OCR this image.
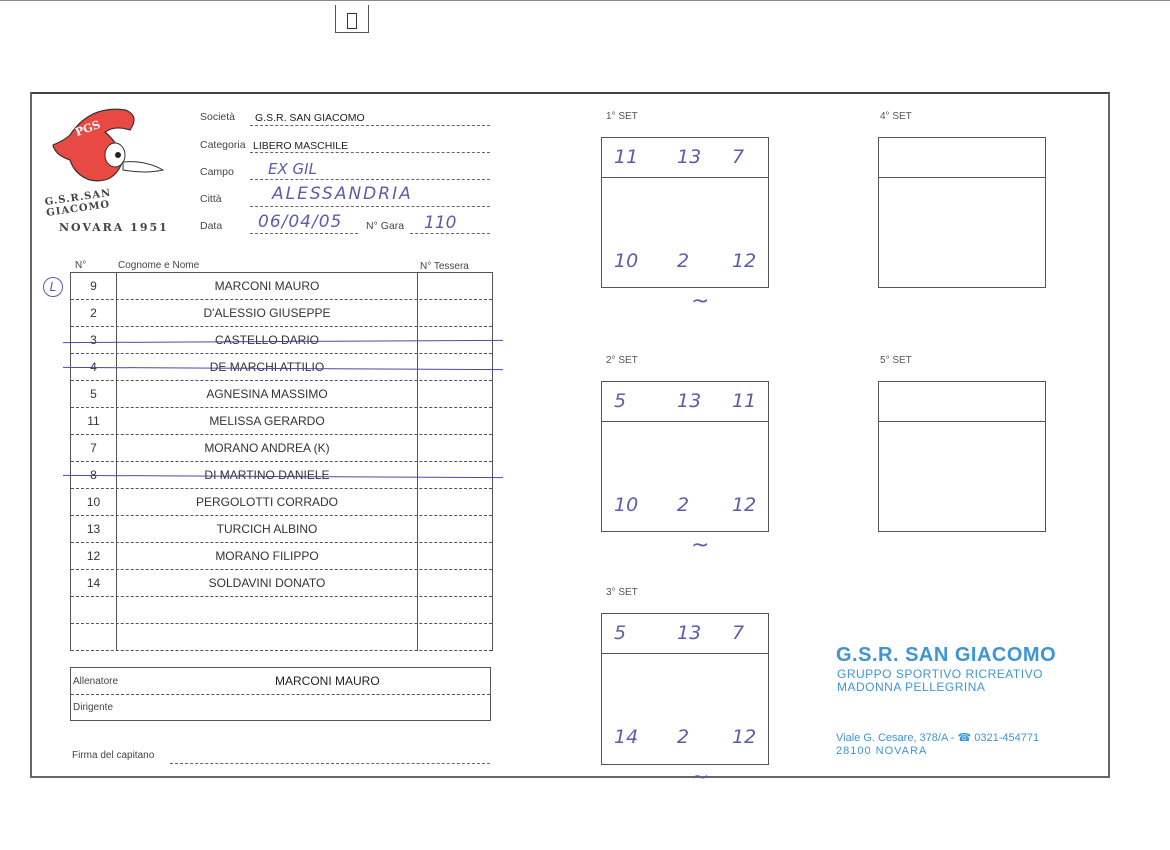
PGS
G.S.R.SAN GIACOMO
NOVARA 1951
Società G.S.R. SAN GIACOMO
Categoria LIBERO MASCHILE
Campo EX GIL
Città	ALESSANDRIA
Data 06/04/05 N° Gara 110
N°	Cognome e Nome	N° Tessera
L	9	MARCONI MAURO
2	D'ALESSIO GIUSEPPE
3	CASTELLO DARIO
4	DE MARCHI ATTILIO
5	AGNESINA MASSIMO
11	MELISSA GERARDO
7	MORANO ANDREA (K)
8	DI MARTINO DANIELE
10	PERGOLOTTI CORRADO
13	TURCICH ALBINO
12	MORANO FILIPPO
14	SOLDAVINI DONATO
Allenatore	MARCONI MAURO
Dirigente
Firma del capitano
1° SET
11 13 7
10 2 12
~
2° SET
5	13 11
10 2 12
~
3° SET
5	13 7
14 2 12
~
4° SET
5° SET
G.S.R. SAN GIACOMO
GRUPPO SPORTIVO RICREATIVO
MADONNA PELLEGRINA
Viale G. Cesare, 378/A - ☎ 0321-454771
28100 NOVARA
